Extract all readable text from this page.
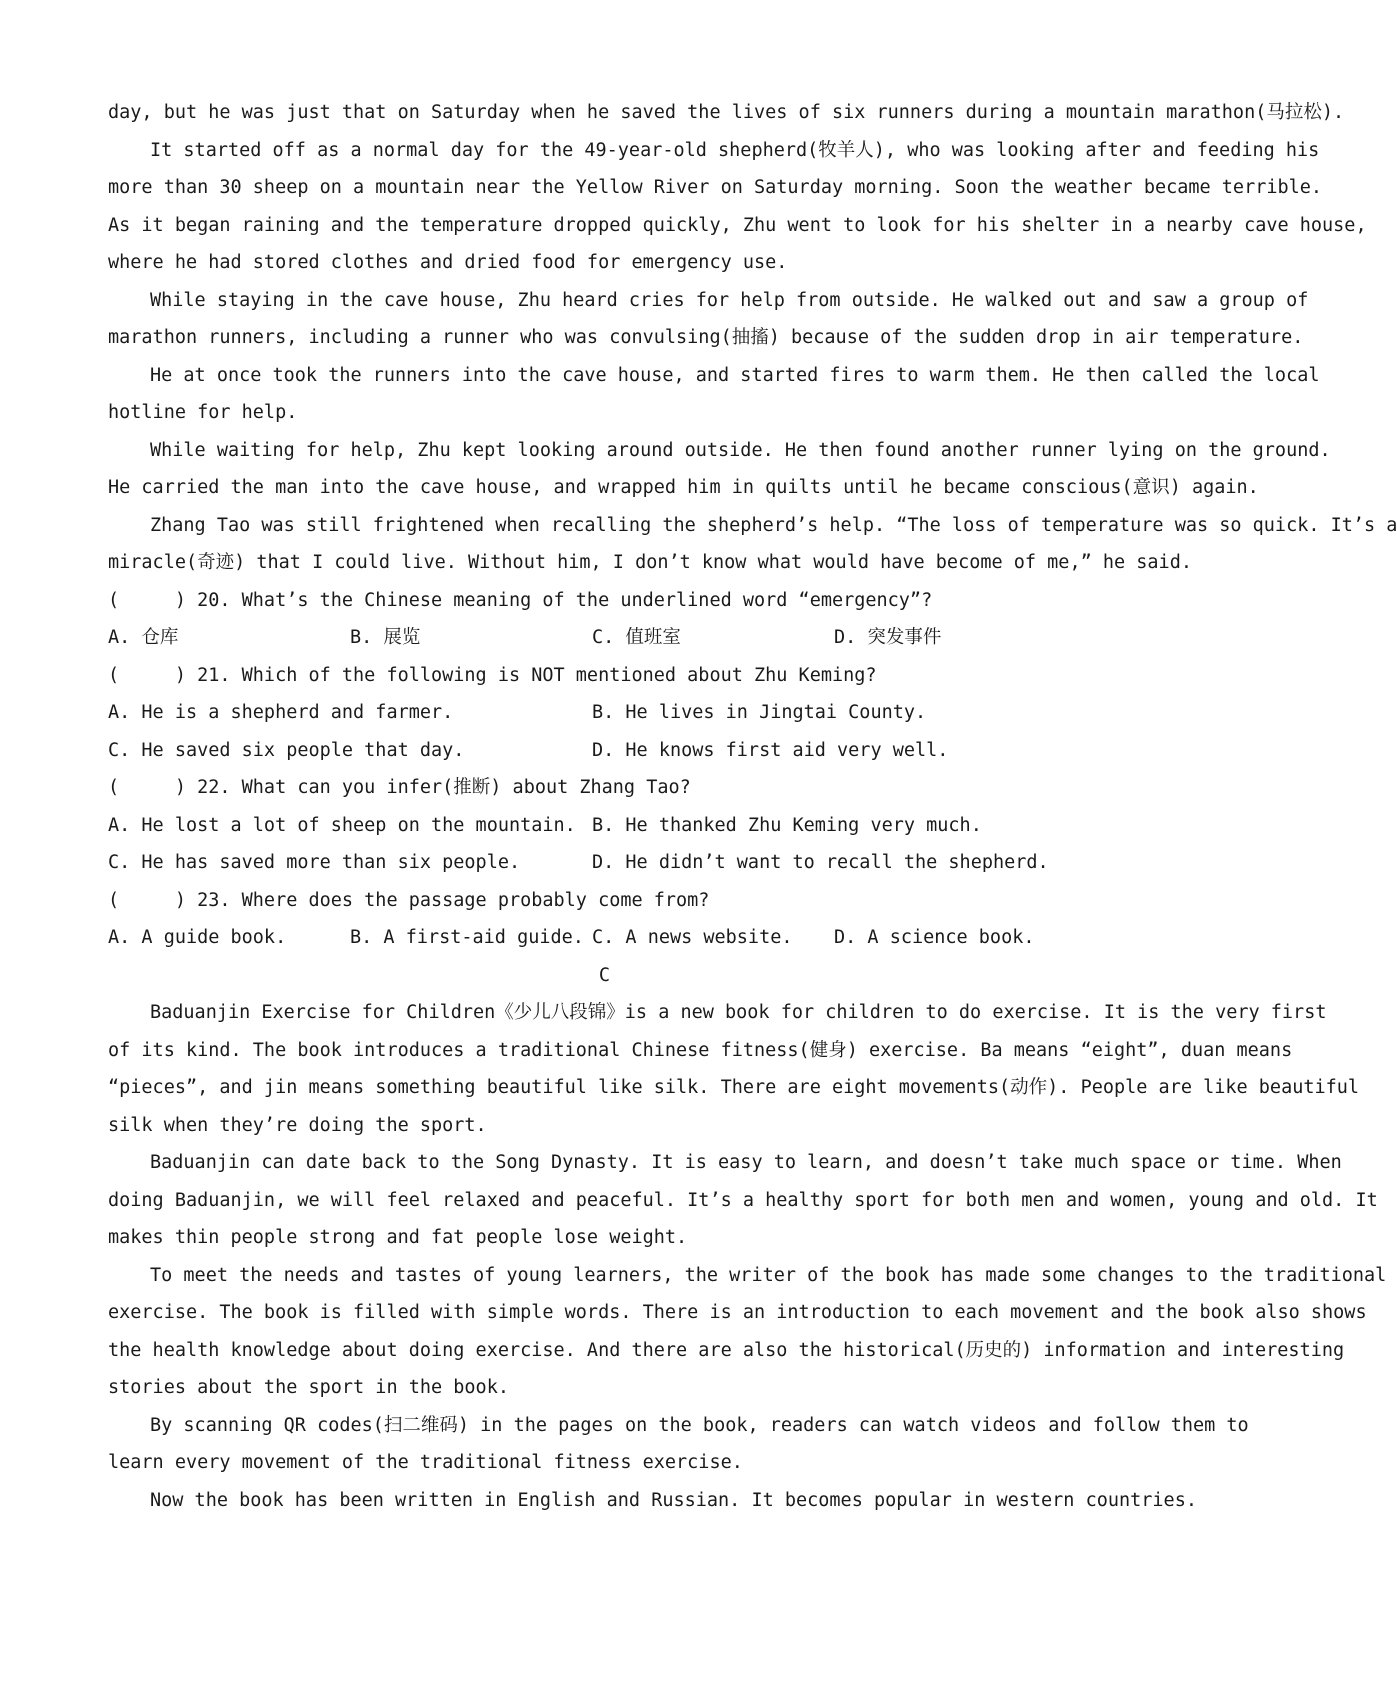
day, but he was just that on Saturday when he saved the lives of six runners during a mountain marathon(马拉松).
It started off as a normal day for the 49-year-old shepherd(牧羊人), who was looking after and feeding his
more than 30 sheep on a mountain near the Yellow River on Saturday morning. Soon the weather became terrible.
As it began raining and the temperature dropped quickly, Zhu went to look for his shelter in a nearby cave house,
where he had stored clothes and dried food for emergency use.
While staying in the cave house, Zhu heard cries for help from outside. He walked out and saw a group of
marathon runners, including a runner who was convulsing(抽搐) because of the sudden drop in air temperature.
He at once took the runners into the cave house, and started fires to warm them. He then called the local
hotline for help.
While waiting for help, Zhu kept looking around outside. He then found another runner lying on the ground.
He carried the man into the cave house, and wrapped him in quilts until he became conscious(意识) again.
Zhang Tao was still frightened when recalling the shepherd’s help. “The loss of temperature was so quick. It’s a
miracle(奇迹) that I could live. Without him, I don’t know what would have become of me,” he said.
(     ) 20. What’s the Chinese meaning of the underlined word “emergency”?
A. 仓库	B. 展览	C. 值班室	D. 突发事件
(     ) 21. Which of the following is NOT mentioned about Zhu Keming?
A. He is a shepherd and farmer.	B. He lives in Jingtai County.
C. He saved six people that day.	D. He knows first aid very well.
(     ) 22. What can you infer(推断) about Zhang Tao?
A. He lost a lot of sheep on the mountain. B. He thanked Zhu Keming very much.
C. He has saved more than six people.	D. He didn’t want to recall the shepherd.
(     ) 23. Where does the passage probably come from?
A. A guide book.	B. A first-aid guide. C. A news website.	D. A science book.
C
Baduanjin Exercise for Children《少儿八段锦》is a new book for children to do exercise. It is the very first
of its kind. The book introduces a traditional Chinese fitness(健身) exercise. Ba means “eight”, duan means
“pieces”, and jin means something beautiful like silk. There are eight movements(动作). People are like beautiful
silk when they’re doing the sport.
Baduanjin can date back to the Song Dynasty. It is easy to learn, and doesn’t take much space or time. When
doing Baduanjin, we will feel relaxed and peaceful. It’s a healthy sport for both men and women, young and old. It
makes thin people strong and fat people lose weight.
To meet the needs and tastes of young learners, the writer of the book has made some changes to the traditional
exercise. The book is filled with simple words. There is an introduction to each movement and the book also shows
the health knowledge about doing exercise. And there are also the historical(历史的) information and interesting
stories about the sport in the book.
By scanning QR codes(扫二维码) in the pages on the book, readers can watch videos and follow them to
learn every movement of the traditional fitness exercise.
Now the book has been written in English and Russian. It becomes popular in western countries.
